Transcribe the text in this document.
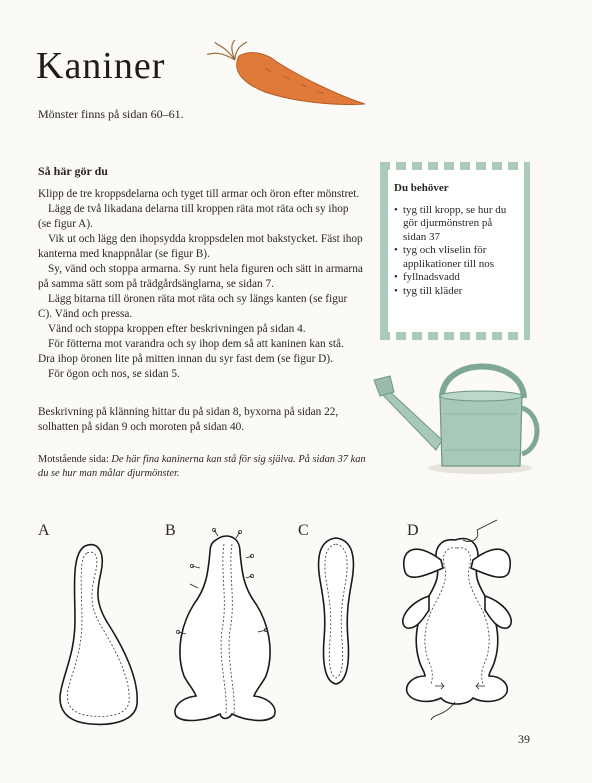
Kaniner
Mönster finns på sidan 60–61.
Så här gör du

Klipp de tre kroppsdelarna och tyget till armar och öron efter mönstret.

Lägg de två likadana delarna till kroppen räta mot räta och sy ihop (se figur A).

Vik ut och lägg den ihopsydda kroppsdelen mot bakstycket. Fäst ihop kanterna med knappnålar (se figur B).

Sy, vänd och stoppa armarna. Sy runt hela figuren och sätt in armarna på samma sätt som på trädgårdsänglarna, se sidan 7.

Lägg bitarna till öronen räta mot räta och sy längs kanten (se figur C). Vänd och pressa.

Vänd och stoppa kroppen efter beskrivningen på sidan 4.

För fötterna mot varandra och sy ihop dem så att kaninen kan stå. Dra ihop öronen lite på mitten innan du syr fast dem (se figur D).

För ögon och nos, se sidan 5.

Beskrivning på klänning hittar du på sidan 8, byxorna på sidan 22, solhatten på sidan 9 och moroten på sidan 40.

Motstående sida: De här fina kaninerna kan stå för sig själva. På sidan 37 kan du se hur man målar djurmönster.

Du behöver
• tyg till kropp, se hur du gör djurmönstren på sidan 37
• tyg och vliselin för applikationer till nos
• fyllnadsvadd
• tyg till kläder
A	B	C	D
39
